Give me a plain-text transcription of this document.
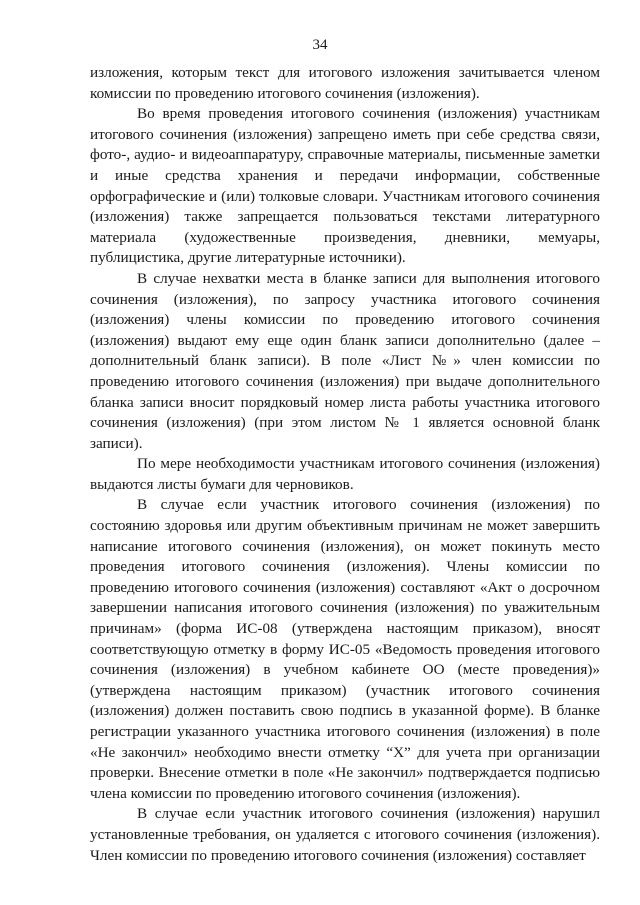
34

изложения, которым текст для итогового изложения зачитывается членом комиссии по проведению итогового сочинения (изложения).

Во время проведения итогового сочинения (изложения) участникам итогового сочинения (изложения) запрещено иметь при себе средства связи, фото-, аудио- и видеоаппаратуру, справочные материалы, письменные заметки и иные средства хранения и передачи информации, собственные орфографические и (или) толковые словари. Участникам итогового сочинения (изложения) также запрещается пользоваться текстами литературного материала (художественные произведения, дневники, мемуары, публицистика, другие литературные источники).

В случае нехватки места в бланке записи для выполнения итогового сочинения (изложения), по запросу участника итогового сочинения (изложения) члены комиссии по проведению итогового сочинения (изложения) выдают ему еще один бланк записи дополнительно (далее – дополнительный бланк записи). В поле «Лист №» член комиссии по проведению итогового сочинения (изложения) при выдаче дополнительного бланка записи вносит порядковый номер листа работы участника итогового сочинения (изложения) (при этом листом № 1 является основной бланк записи).

По мере необходимости участникам итогового сочинения (изложения) выдаются листы бумаги для черновиков.

В случае если участник итогового сочинения (изложения) по состоянию здоровья или другим объективным причинам не может завершить написание итогового сочинения (изложения), он может покинуть место проведения итогового сочинения (изложения). Члены комиссии по проведению итогового сочинения (изложения) составляют «Акт о досрочном завершении написания итогового сочинения (изложения) по уважительным причинам» (форма ИС-08 (утверждена настоящим приказом), вносят соответствующую отметку в форму ИС-05 «Ведомость проведения итогового сочинения (изложения) в учебном кабинете ОО (месте проведения)» (утверждена настоящим приказом) (участник итогового сочинения (изложения) должен поставить свою подпись в указанной форме). В бланке регистрации указанного участника итогового сочинения (изложения) в поле «Не закончил» необходимо внести отметку “X” для учета при организации проверки. Внесение отметки в поле «Не закончил» подтверждается подписью члена комиссии по проведению итогового сочинения (изложения).

В случае если участник итогового сочинения (изложения) нарушил установленные требования, он удаляется с итогового сочинения (изложения). Член комиссии по проведению итогового сочинения (изложения) составляет
